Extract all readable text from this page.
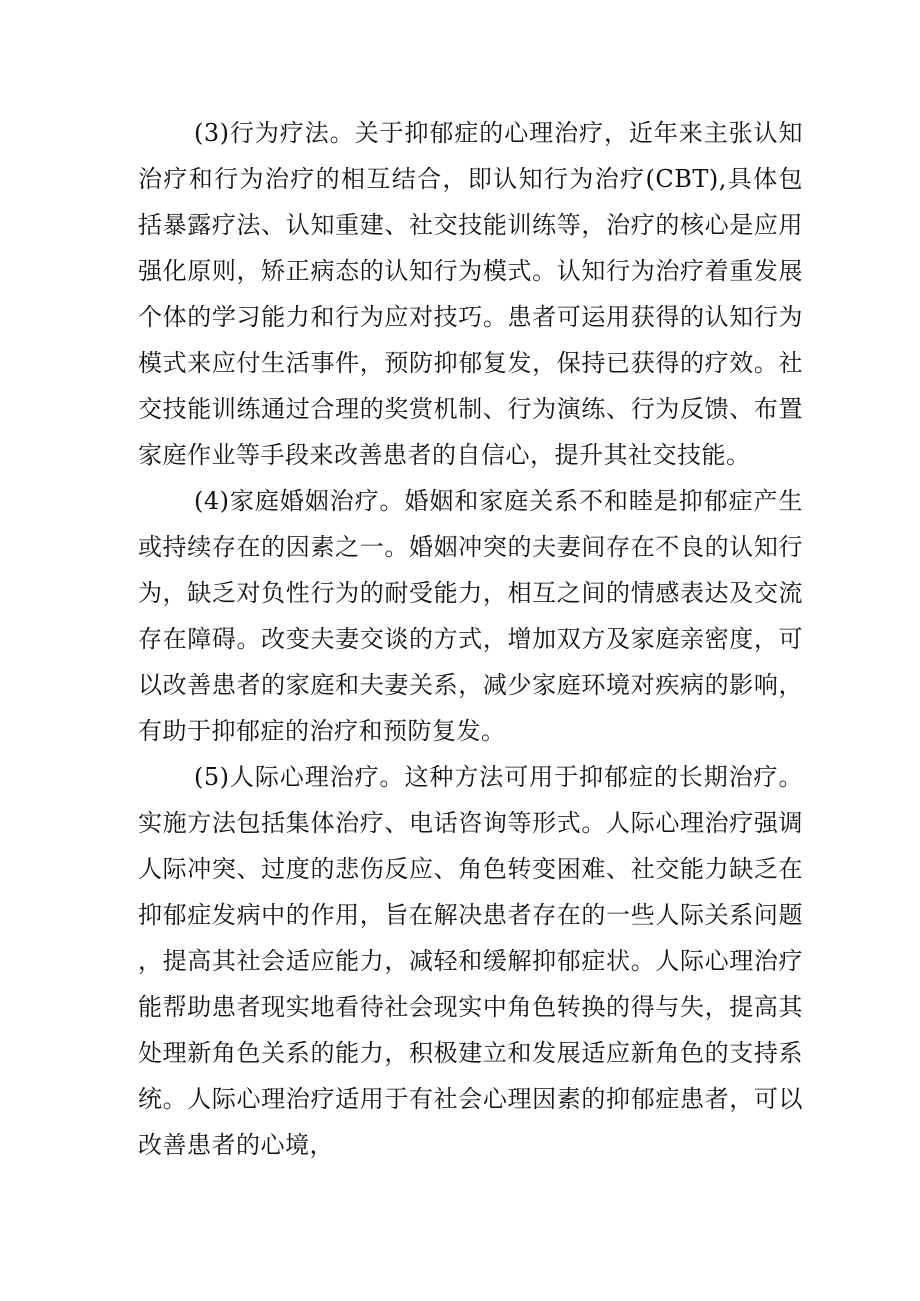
(3)行为疗法。关于抑郁症的心理治疗，近年来主张认知治疗和行为治疗的相互结合，即认知行为治疗(CBT),具体包括暴露疗法、认知重建、社交技能训练等，治疗的核心是应用强化原则，矫正病态的认知行为模式。认知行为治疗着重发展个体的学习能力和行为应对技巧。患者可运用获得的认知行为模式来应付生活事件，预防抑郁复发，保持已获得的疗效。社交技能训练通过合理的奖赏机制、行为演练、行为反馈、布置家庭作业等手段来改善患者的自信心，提升其社交技能。

(4)家庭婚姻治疗。婚姻和家庭关系不和睦是抑郁症产生或持续存在的因素之一。婚姻冲突的夫妻间存在不良的认知行为，缺乏对负性行为的耐受能力，相互之间的情感表达及交流存在障碍。改变夫妻交谈的方式，增加双方及家庭亲密度，可以改善患者的家庭和夫妻关系，减少家庭环境对疾病的影响，有助于抑郁症的治疗和预防复发。

(5)人际心理治疗。这种方法可用于抑郁症的长期治疗。实施方法包括集体治疗、电话咨询等形式。人际心理治疗强调人际冲突、过度的悲伤反应、角色转变困难、社交能力缺乏在抑郁症发病中的作用，旨在解决患者存在的一些人际关系问题，提高其社会适应能力，减轻和缓解抑郁症状。人际心理治疗能帮助患者现实地看待社会现实中角色转换的得与失，提高其处理新角色关系的能力，积极建立和发展适应新角色的支持系统。人际心理治疗适用于有社会心理因素的抑郁症患者，可以改善患者的心境，
